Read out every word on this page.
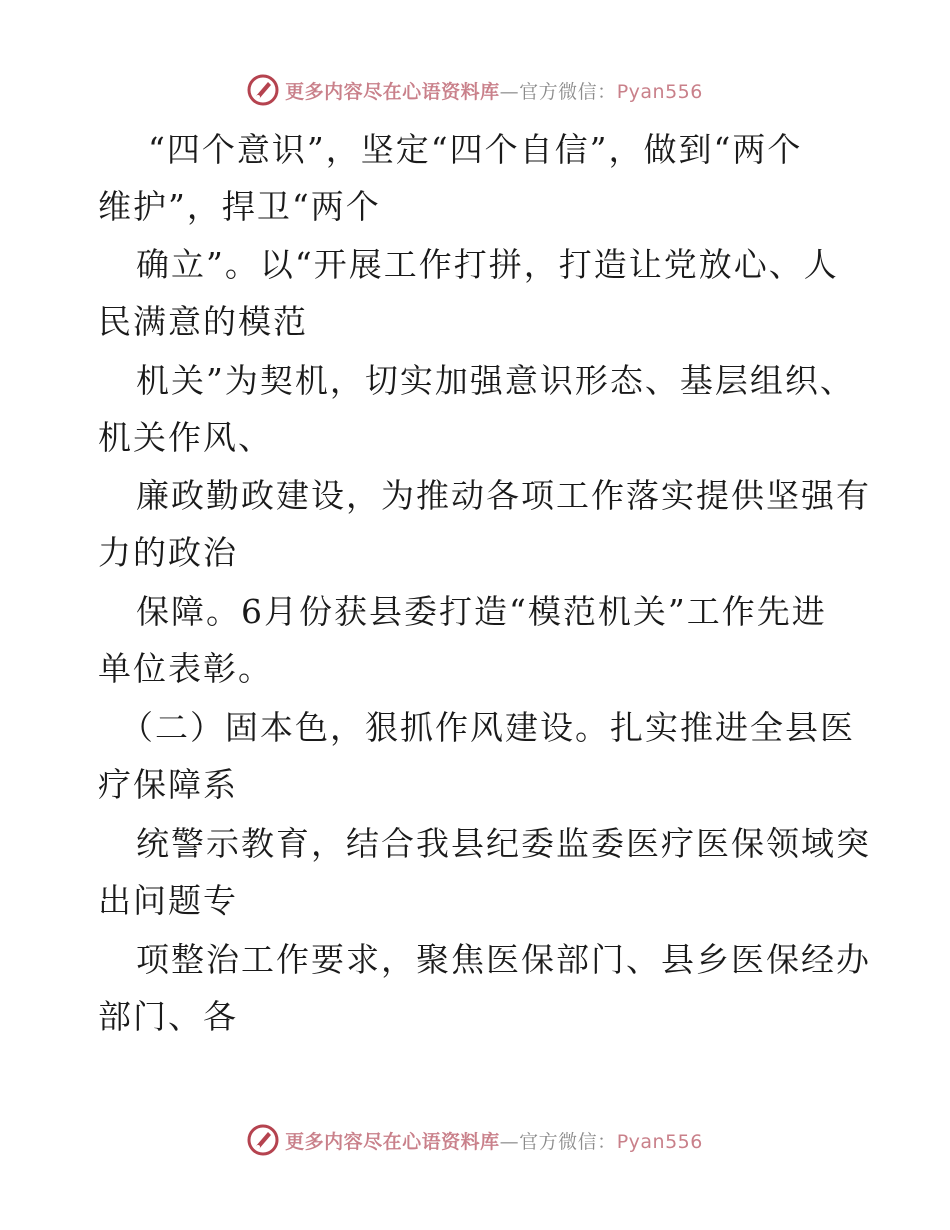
更多内容尽在心语资料库—官方微信：Pyan556
“四个意识”，坚定“四个自信”，做到“两个
维护”，捍卫“两个
确立”。以“开展工作打拼，打造让党放心、人
民满意的模范
机关”为契机，切实加强意识形态、基层组织、
机关作风、
廉政勤政建设，为推动各项工作落实提供坚强有
力的政治
保障。6月份获县委打造“模范机关”工作先进
单位表彰。
（二）固本色，狠抓作风建设。扎实推进全县医
疗保障系
统警示教育，结合我县纪委监委医疗医保领域突
出问题专
项整治工作要求，聚焦医保部门、县乡医保经办
部门、各
更多内容尽在心语资料库—官方微信：Pyan556
